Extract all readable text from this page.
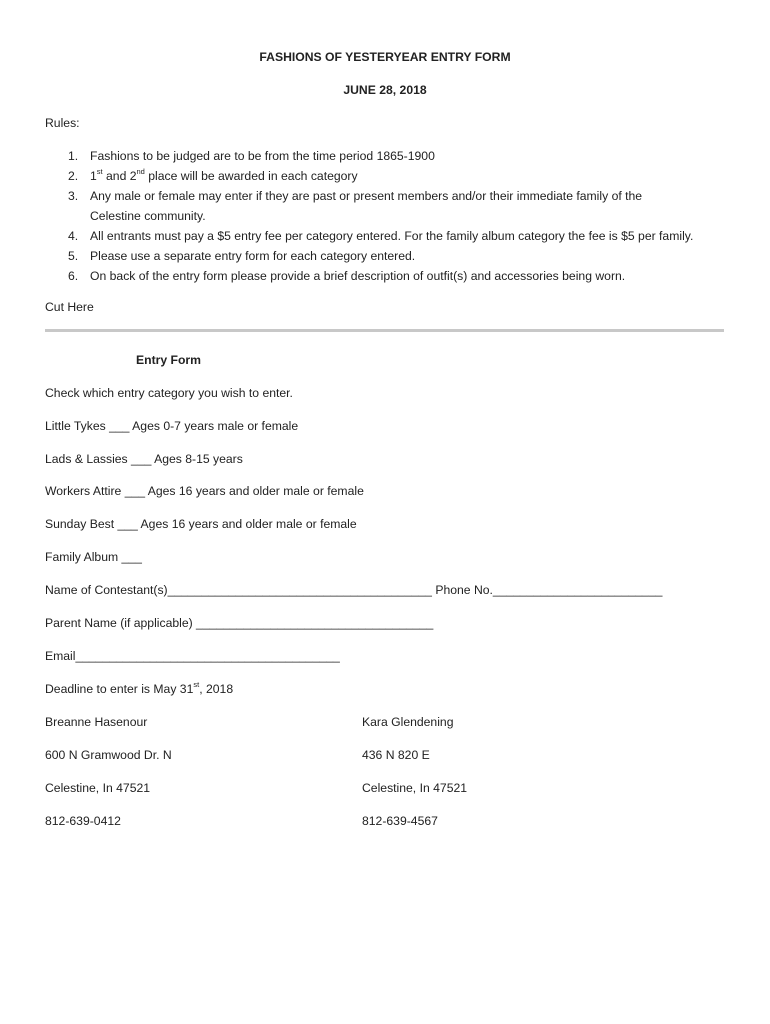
FASHIONS OF YESTERYEAR ENTRY FORM
JUNE 28, 2018
Rules:
1. Fashions to be judged are to be from the time period 1865-1900
2. 1st and 2nd place will be awarded in each category
3. Any male or female may enter if they are past or present members and/or their immediate family of the
Celestine community.
4. All entrants must pay a $5 entry fee per category entered. For the family album category the fee is $5 per family.
5. Please use a separate entry form for each category entered.
6. On back of the entry form please provide a brief description of outfit(s) and accessories being worn.
Cut Here
Entry Form
Check which entry category you wish to enter.
Little Tykes ___ Ages 0-7 years male or female
Lads & Lassies ___ Ages 8-15 years
Workers Attire ___ Ages 16 years and older male or female
Sunday Best ___ Ages 16 years and older male or female
Family Album ___
Name of Contestant(s)_______________________________________ Phone No._________________________
Parent Name (if applicable) ___________________________________
Email_______________________________________
Deadline to enter is May 31st, 2018
Breanne Hasenour	Kara Glendening
600 N Gramwood Dr. N	436 N 820 E
Celestine, In 47521	Celestine, In 47521
812-639-0412	812-639-4567
